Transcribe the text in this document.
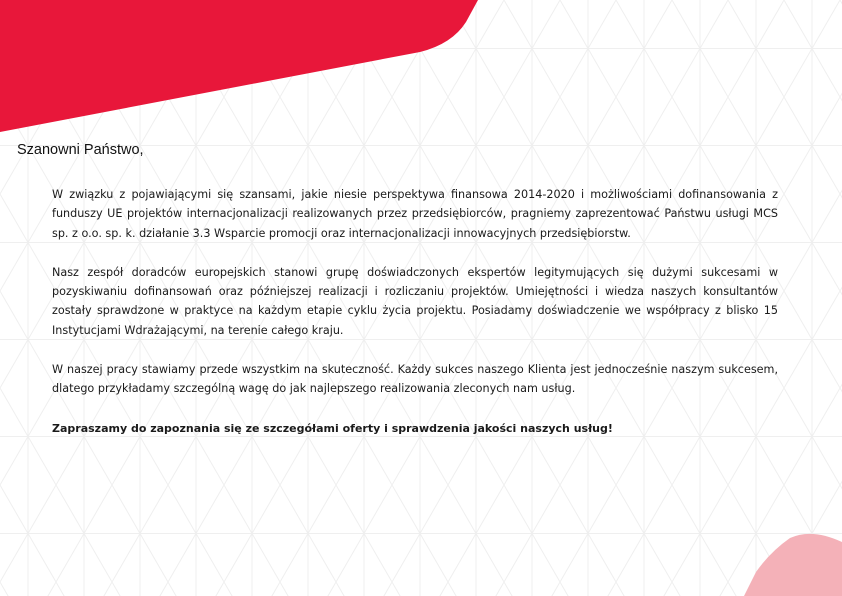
Szanowni Państwo,

W związku z pojawiającymi się szansami, jakie niesie perspektywa finansowa 2014-2020 i możliwościami dofinansowania z funduszy UE projektów internacjonalizacji realizowanych przez przedsiębiorców, pragniemy zaprezentować Państwu usługi MCS sp. z o.o. sp. k. działanie 3.3 Wsparcie promocji oraz internacjonalizacji innowacyjnych przedsiębiorstw.

Nasz zespół doradców europejskich stanowi grupę doświadczonych ekspertów legitymujących się dużymi sukcesami w pozyskiwaniu dofinansowań oraz późniejszej realizacji i rozliczaniu projektów. Umiejętności i wiedza naszych konsultantów zostały sprawdzone w praktyce na każdym etapie cyklu życia projektu. Posiadamy doświadczenie we współpracy z blisko 15 Instytucjami Wdrażającymi, na terenie całego kraju.

W naszej pracy stawiamy przede wszystkim na skuteczność. Każdy sukces naszego Klienta jest jednocześnie naszym sukcesem, dlatego przykładamy szczególną wagę do jak najlepszego realizowania zleconych nam usług.

Zapraszamy do zapoznania się ze szczegółami oferty i sprawdzenia jakości naszych usług!
